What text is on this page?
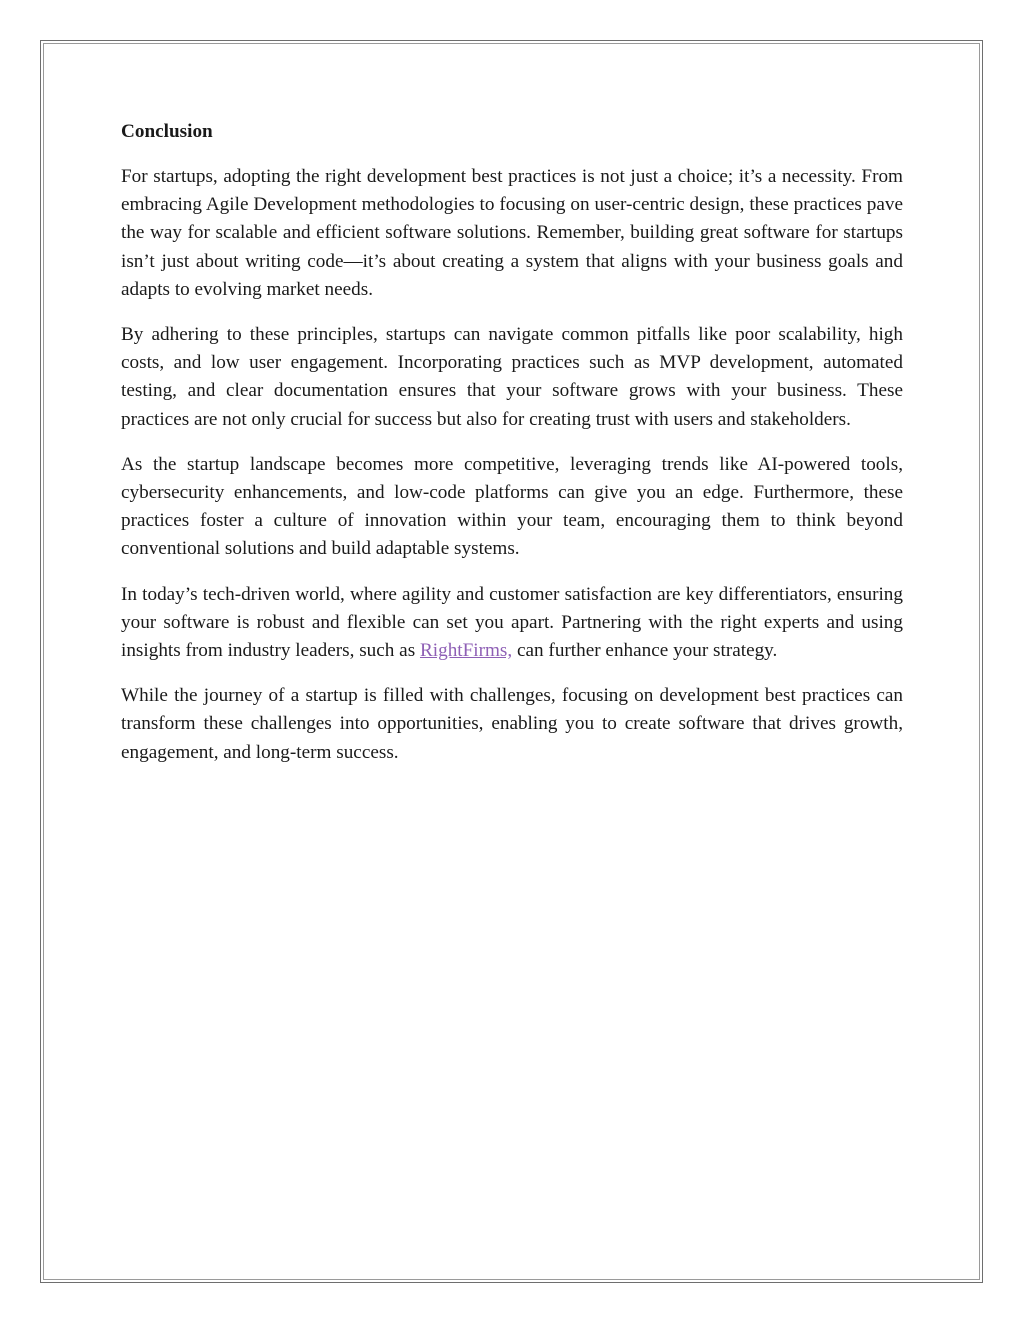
Conclusion

For startups, adopting the right development best practices is not just a choice; it’s a necessity. From embracing Agile Development methodologies to focusing on user-centric design, these practices pave the way for scalable and efficient software solutions. Remember, building great software for startups isn’t just about writing code—it’s about creating a system that aligns with your business goals and adapts to evolving market needs.

By adhering to these principles, startups can navigate common pitfalls like poor scalability, high costs, and low user engagement. Incorporating practices such as MVP development, automated testing, and clear documentation ensures that your software grows with your business. These practices are not only crucial for success but also for creating trust with users and stakeholders.

As the startup landscape becomes more competitive, leveraging trends like AI-powered tools, cybersecurity enhancements, and low-code platforms can give you an edge. Furthermore, these practices foster a culture of innovation within your team, encouraging them to think beyond conventional solutions and build adaptable systems.

In today’s tech-driven world, where agility and customer satisfaction are key differentiators, ensuring your software is robust and flexible can set you apart. Partnering with the right experts and using insights from industry leaders, such as RightFirms, can further enhance your strategy.

While the journey of a startup is filled with challenges, focusing on development best practices can transform these challenges into opportunities, enabling you to create software that drives growth, engagement, and long-term success.
